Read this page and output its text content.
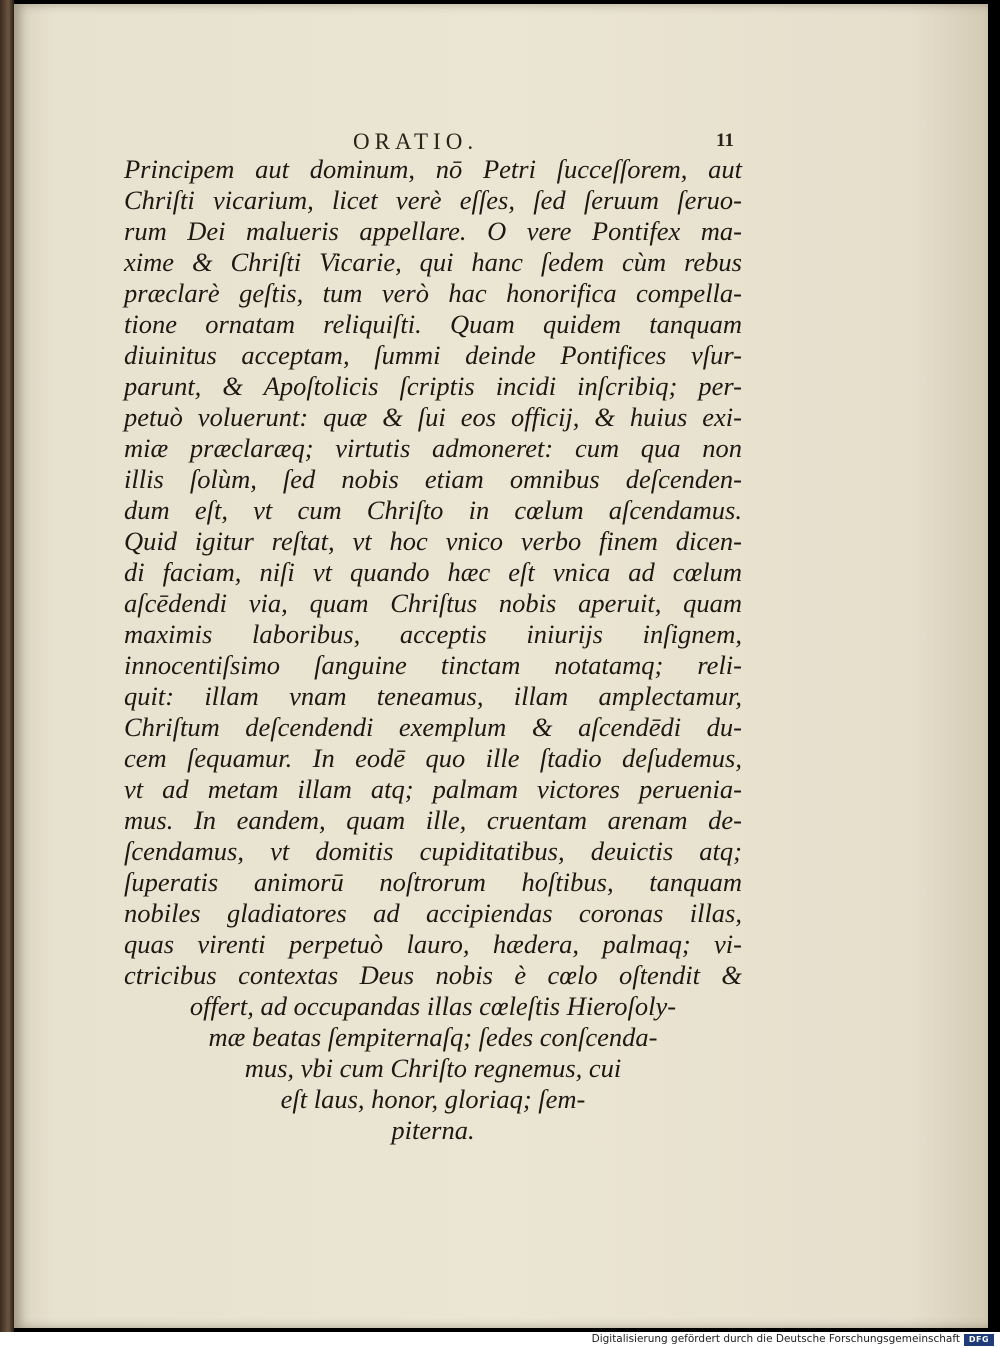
ORATIO.	11
Principem aut dominum, nō Petri ſucceſſorem, aut
Chriſti vicarium, licet verè eſſes, ſed ſeruum ſeruo-
rum Dei malueris appellare. O vere Pontifex ma-
xime & Chriſti Vicarie, qui hanc ſedem cùm rebus
præclarè geſtis, tum verò hac honorifica compella-
tione ornatam reliquiſti. Quam quidem tanquam
diuinitus acceptam, ſummi deinde Pontifices vſur-
parunt, & Apoſtolicis ſcriptis incidi inſcribiq; per-
petuò voluerunt: quæ & ſui eos officij, & huius exi-
miæ præclaræq; virtutis admoneret: cum qua non
illis ſolùm, ſed nobis etiam omnibus deſcenden-
dum eſt, vt cum Chriſto in cœlum aſcendamus.
Quid igitur reſtat, vt hoc vnico verbo finem dicen-
di faciam, niſi vt quando hæc eſt vnica ad cœlum
aſcēdendi via, quam Chriſtus nobis aperuit, quam
maximis laboribus, acceptis iniurijs inſignem,
innocentiſsimo ſanguine tinctam notatamq; reli-
quit: illam vnam teneamus, illam amplectamur,
Chriſtum deſcendendi exemplum & aſcendēdi du-
cem ſequamur. In eodē quo ille ſtadio deſudemus,
vt ad metam illam atq; palmam victores peruenia-
mus. In eandem, quam ille, cruentam arenam de-
ſcendamus, vt domitis cupiditatibus, deuictis atq;
ſuperatis animorū noſtrorum hoſtibus, tanquam
nobiles gladiatores ad accipiendas coronas illas,
quas virenti perpetuò lauro, hædera, palmaq; vi-
ctricibus contextas Deus nobis è cœlo oſtendit &
offert, ad occupandas illas cœleſtis Hieroſoly-
mæ beatas ſempiternaſq; ſedes conſcenda-
mus, vbi cum Chriſto regnemus, cui
eſt laus, honor, gloriaq; ſem-
piterna.
Digitalisierung gefördert durch die Deutsche Forschungsgemeinschaft	DFG
